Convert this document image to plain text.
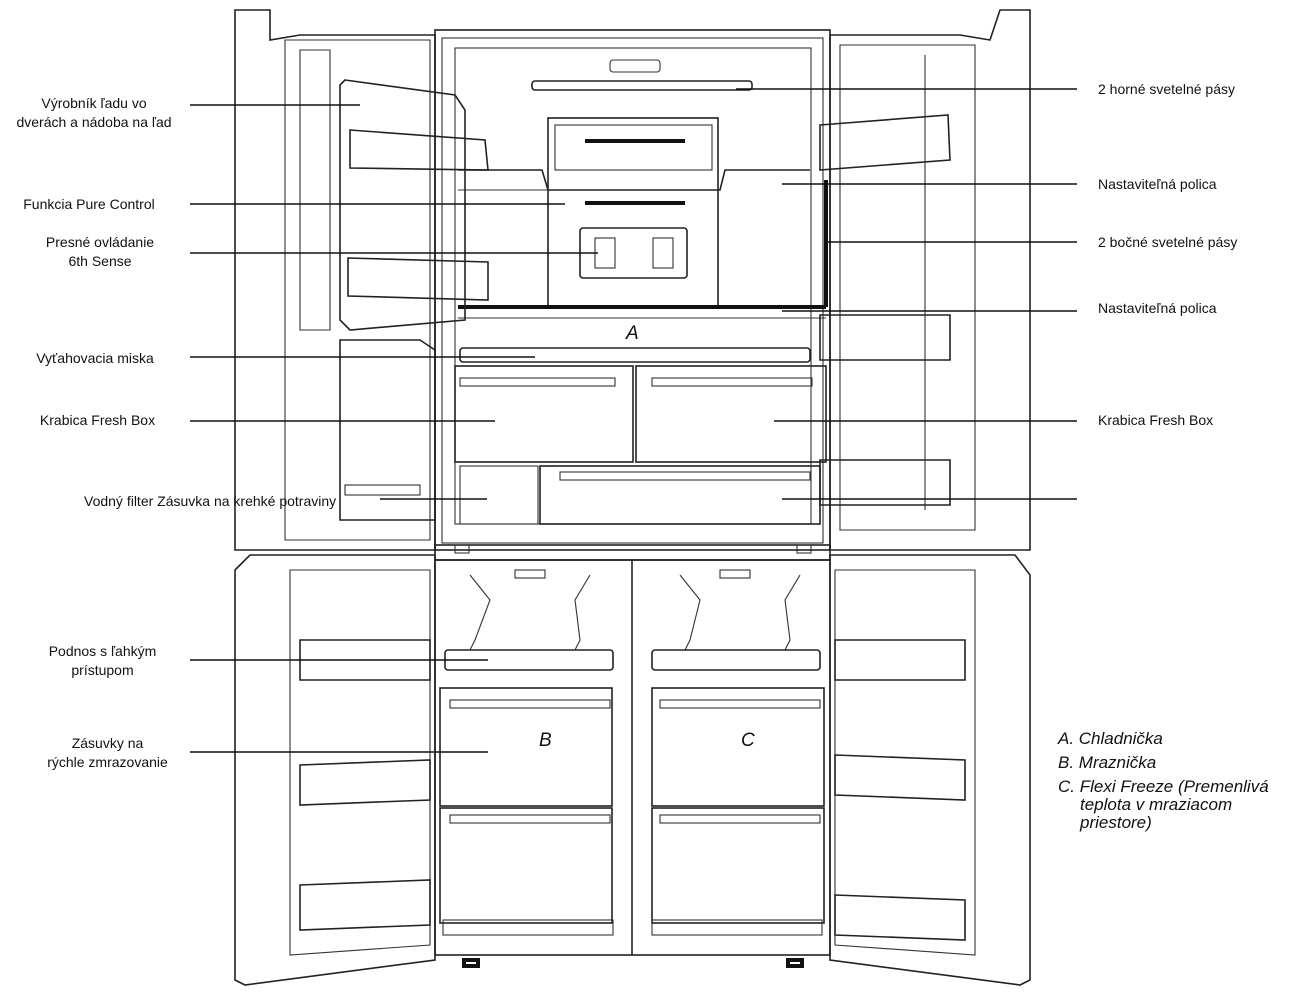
Výrobník ľadu vo
dverách a nádoba na ľad
Funkcia Pure Control
Presné ovládanie
6th Sense
Vyťahovacia miska
Krabica Fresh Box
Vodný filter Zásuvka na krehké potraviny
Podnos s ľahkým
prístupom
Zásuvky na
rýchle zmrazovanie
2 horné svetelné pásy
Nastaviteľná polica
2 bočné svetelné pásy
Nastaviteľná polica
Krabica Fresh Box
A
B	C	A. Chladnička
B. Mraznička
C. Flexi Freeze (Premenlivá
teplota v mraziacom
priestore)
